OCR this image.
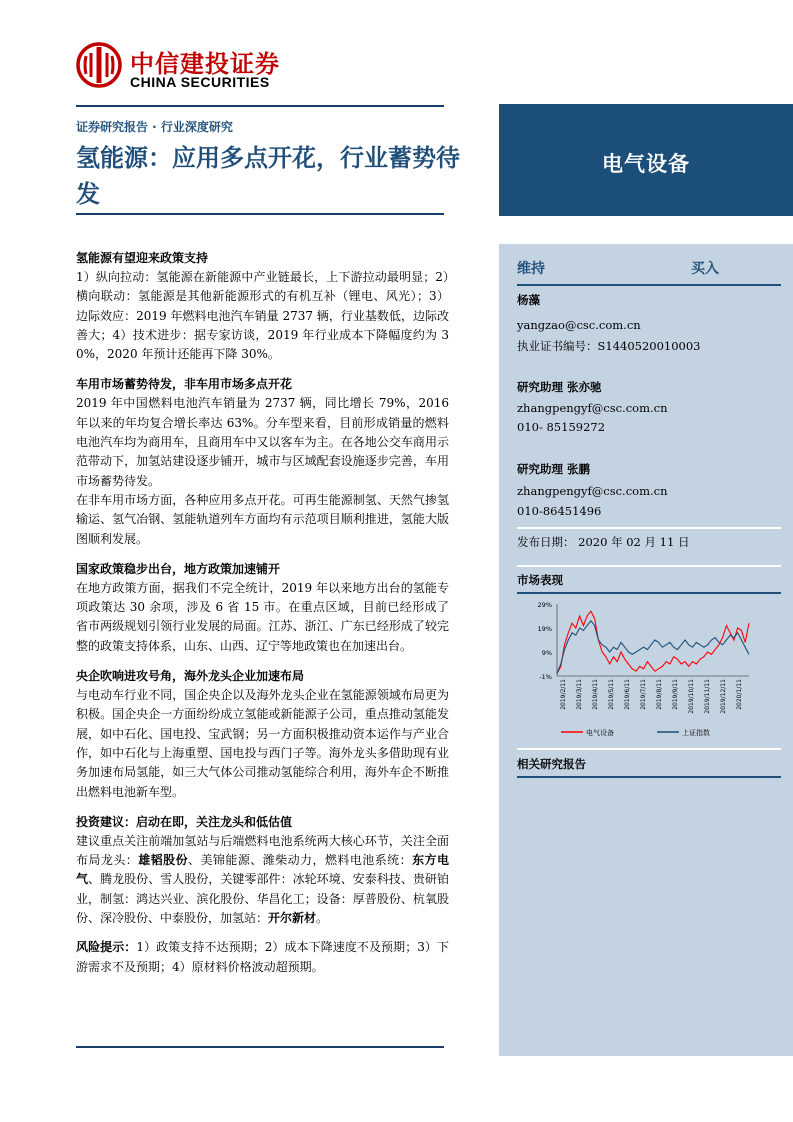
中信建投证券
CHINA SECURITIES
证券研究报告 · 行业深度研究
氢能源：应用多点开花，行业蓄势待发
电气设备
维持	买入
杨藻
yangzao@csc.com.cn
执业证书编号：S1440520010003
研究助理 张亦驰
zhangpengyf@csc.com.cn
010- 85159272
研究助理 张鹏
zhangpengyf@csc.com.cn
010-86451496
发布日期： 2020 年 02 月 11 日
市场表现
29%
19%
9%
-1%
2019/2/11 2019/3/11 2019/4/11 2019/5/11 2019/6/11 2019/7/11 2019/8/11 2019/9/11 2019/10/11 2019/11/11 2019/12/11 2020/1/11
电气设备	上证指数
相关研究报告

氢能源有望迎来政策支持

1）纵向拉动：氢能源在新能源中产业链最长，上下游拉动最明显；2）横向联动：氢能源是其他新能源形式的有机互补（锂电、风光）；3）边际效应：2019 年燃料电池汽车销量 2737 辆，行业基数低，边际改善大；4）技术进步：据专家访谈，2019 年行业成本下降幅度约为 30%，2020 年预计还能再下降 30%。

车用市场蓄势待发，非车用市场多点开花

2019 年中国燃料电池汽车销量为 2737 辆，同比增长 79%，2016 年以来的年均复合增长率达 63%。分车型来看，目前形成销量的燃料电池汽车均为商用车，且商用车中又以客车为主。在各地公交车商用示范带动下，加氢站建设逐步铺开，城市与区域配套设施逐步完善，车用市场蓄势待发。

在非车用市场方面，各种应用多点开花。可再生能源制氢、天然气掺氢输运、氢气冶钢、氢能轨道列车方面均有示范项目顺利推进，氢能大版图顺利发展。

国家政策稳步出台，地方政策加速铺开

在地方政策方面，据我们不完全统计，2019 年以来地方出台的氢能专项政策达 30 余项，涉及 6 省 15 市。在重点区域，目前已经形成了省市两级规划引领行业发展的局面。江苏、浙江、广东已经形成了较完整的政策支持体系，山东、山西、辽宁等地政策也在加速出台。

央企吹响进攻号角，海外龙头企业加速布局

与电动车行业不同，国企央企以及海外龙头企业在氢能源领域布局更为积极。国企央企一方面纷纷成立氢能或新能源子公司，重点推动氢能发展，如中石化、国电投、宝武钢；另一方面积极推动资本运作与产业合作，如中石化与上海重塑、国电投与西门子等。海外龙头多借助现有业务加速布局氢能，如三大气体公司推动氢能综合利用，海外车企不断推出燃料电池新车型。

投资建议：启动在即，关注龙头和低估值

建议重点关注前端加氢站与后端燃料电池系统两大核心环节，关注全面布局龙头：雄韬股份、美锦能源、潍柴动力，燃料电池系统：东方电气、腾龙股份、雪人股份，关键零部件：冰轮环境、安泰科技、贵研铂业，制氢：鸿达兴业、滨化股份、华昌化工；设备：厚普股份、杭氧股份、深冷股份、中泰股份，加氢站：开尔新材。

风险提示：1）政策支持不达预期；2）成本下降速度不及预期；3）下游需求不及预期；4）原材料价格波动超预期。
